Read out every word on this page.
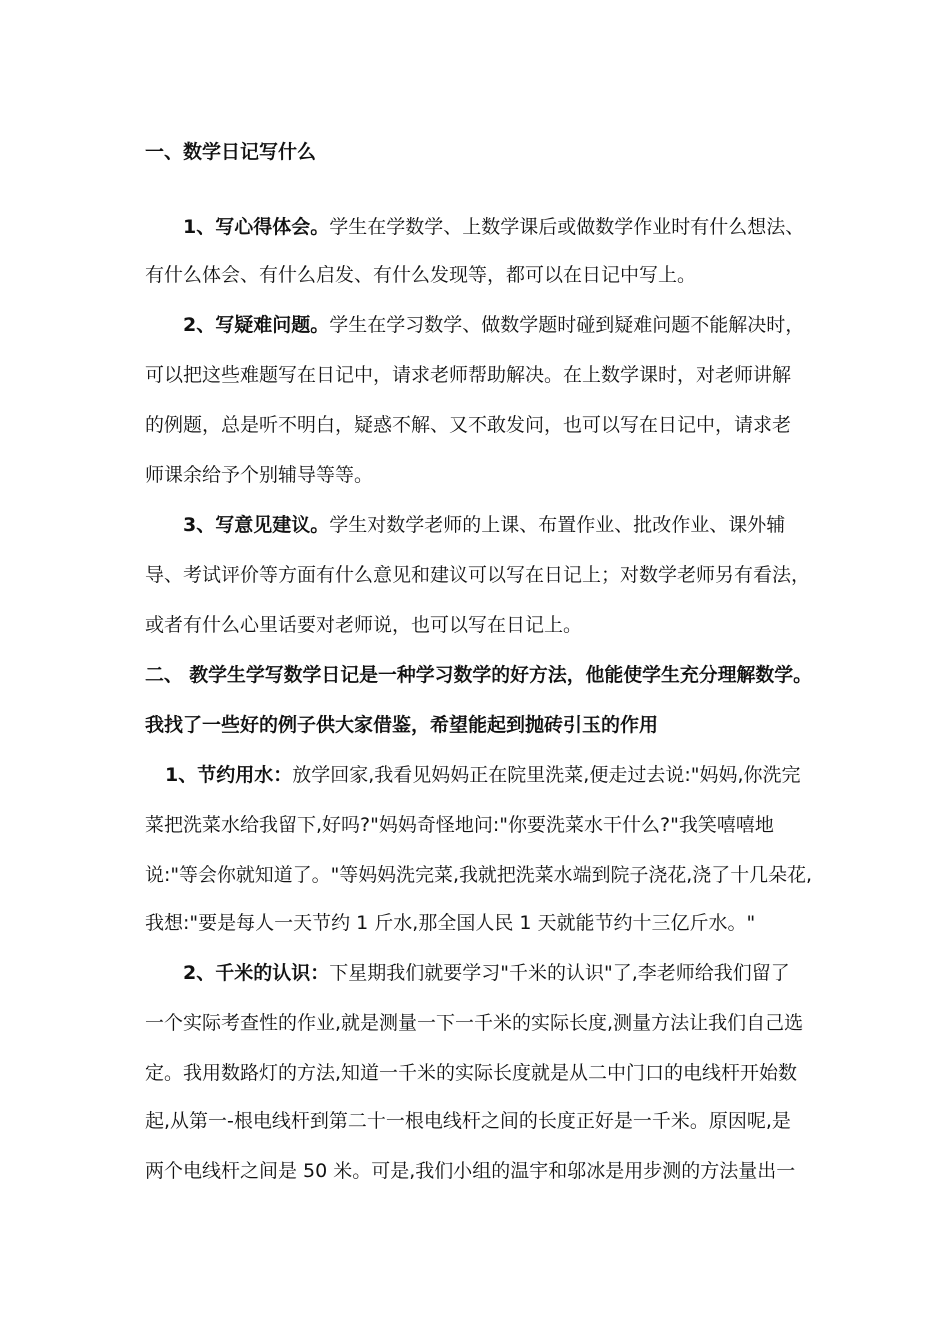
一、数学日记写什么
1、写心得体会。学生在学数学、上数学课后或做数学作业时有什么想法、
有什么体会、有什么启发、有什么发现等，都可以在日记中写上。
2、写疑难问题。学生在学习数学、做数学题时碰到疑难问题不能解决时，
可以把这些难题写在日记中，请求老师帮助解决。在上数学课时，对老师讲解
的例题，总是听不明白，疑惑不解、又不敢发问，也可以写在日记中，请求老
师课余给予个别辅导等等。
3、写意见建议。学生对数学老师的上课、布置作业、批改作业、课外辅
导、考试评价等方面有什么意见和建议可以写在日记上；对数学老师另有看法，
或者有什么心里话要对老师说，也可以写在日记上。
二、 教学生学写数学日记是一种学习数学的好方法，他能使学生充分理解数学。
我找了一些好的例子供大家借鉴，希望能起到抛砖引玉的作用
1、节约用水：放学回家,我看见妈妈正在院里洗菜,便走过去说:"妈妈,你洗完
菜把洗菜水给我留下,好吗?"妈妈奇怪地问:"你要洗菜水干什么?"我笑嘻嘻地
说:"等会你就知道了。"等妈妈洗完菜,我就把洗菜水端到院子浇花,浇了十几朵花,
我想:"要是每人一天节约 1 斤水,那全国人民 1 天就能节约十三亿斤水。"
2、千米的认识：下星期我们就要学习"千米的认识"了,李老师给我们留了
一个实际考查性的作业,就是测量一下一千米的实际长度,测量方法让我们自己选
定。我用数路灯的方法,知道一千米的实际长度就是从二中门口的电线杆开始数
起,从第一-根电线杆到第二十一根电线杆之间的长度正好是一千米。原因呢,是
两个电线杆之间是 50 米。可是,我们小组的温宇和邬冰是用步测的方法量出一
